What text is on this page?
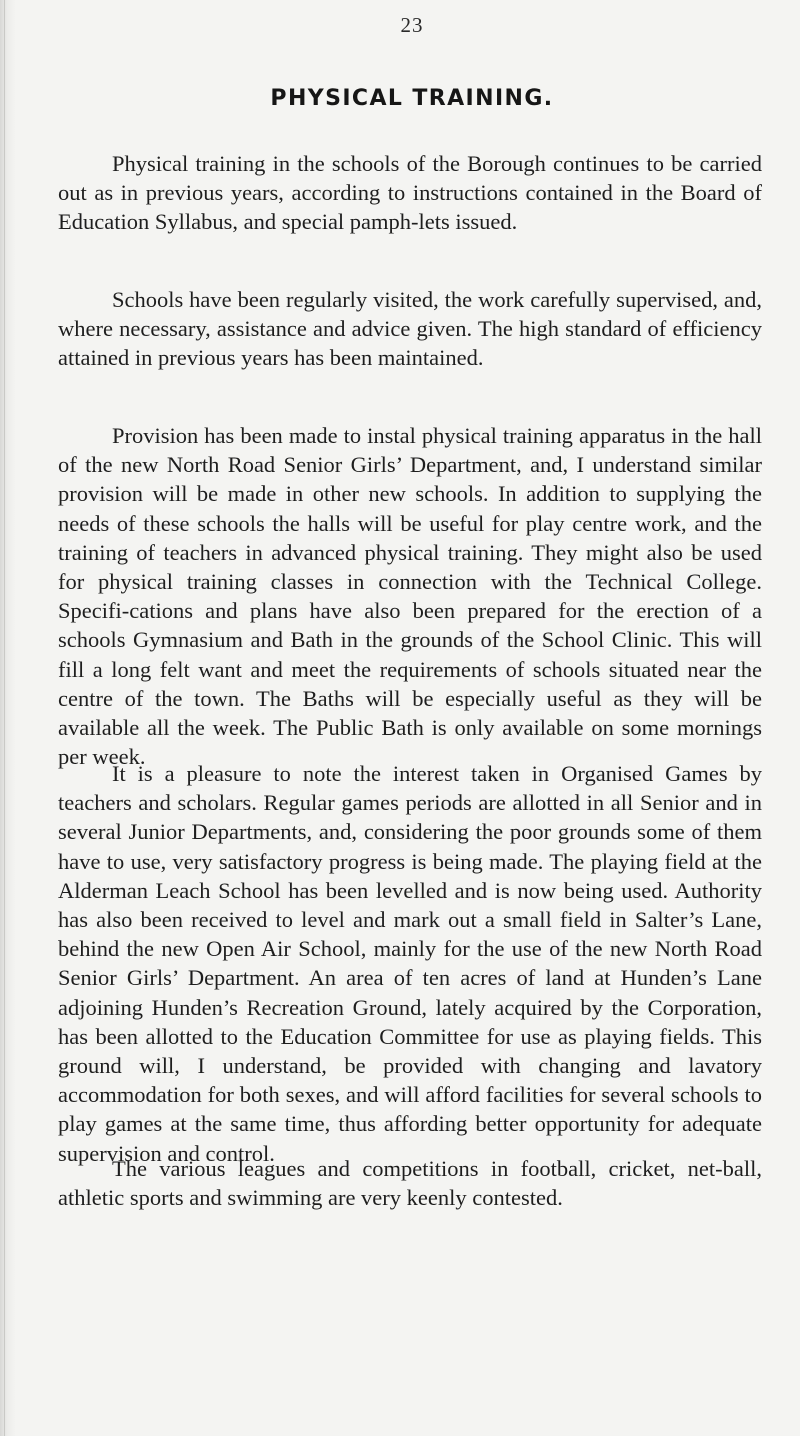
23
PHYSICAL TRAINING.

Physical training in the schools of the Borough continues to be carried out as in previous years, according to instructions contained in the Board of Education Syllabus, and special pamph-lets issued.

Schools have been regularly visited, the work carefully supervised, and, where necessary, assistance and advice given. The high standard of efficiency attained in previous years has been maintained.

Provision has been made to instal physical training apparatus in the hall of the new North Road Senior Girls’ Department, and, I understand similar provision will be made in other new schools. In addition to supplying the needs of these schools the halls will be useful for play centre work, and the training of teachers in advanced physical training. They might also be used for physical training classes in connection with the Technical College. Specifi-cations and plans have also been prepared for the erection of a schools Gymnasium and Bath in the grounds of the School Clinic. This will fill a long felt want and meet the requirements of schools situated near the centre of the town. The Baths will be especially useful as they will be available all the week. The Public Bath is only available on some mornings per week.

It is a pleasure to note the interest taken in Organised Games by teachers and scholars. Regular games periods are allotted in all Senior and in several Junior Departments, and, considering the poor grounds some of them have to use, very satisfactory progress is being made. The playing field at the Alderman Leach School has been levelled and is now being used. Authority has also been received to level and mark out a small field in Salter’s Lane, behind the new Open Air School, mainly for the use of the new North Road Senior Girls’ Department. An area of ten acres of land at Hunden’s Lane adjoining Hunden’s Recreation Ground, lately acquired by the Corporation, has been allotted to the Education Committee for use as playing fields. This ground will, I understand, be provided with changing and lavatory accommodation for both sexes, and will afford facilities for several schools to play games at the same time, thus affording better opportunity for adequate supervision and control.

The various leagues and competitions in football, cricket, net-ball, athletic sports and swimming are very keenly contested.
